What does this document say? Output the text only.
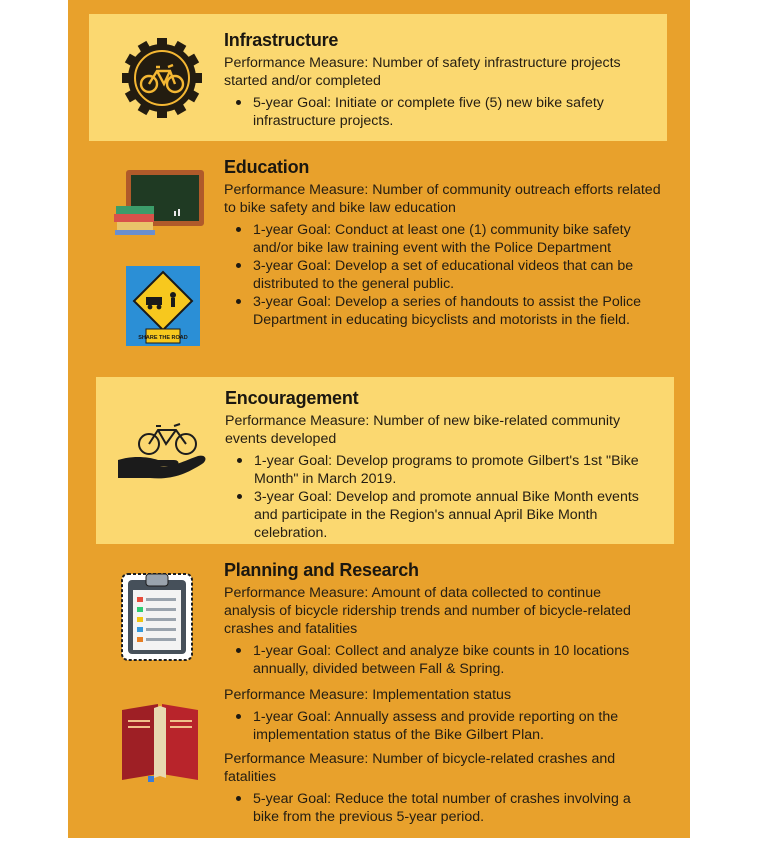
SHARE THE ROAD
Infrastructure

Performance Measure: Number of safety infrastructure projects started and/or completed

5-year Goal: Initiate or complete five (5) new bike safety infrastructure projects.
Education

Performance Measure: Number of community outreach efforts related to bike safety and bike law education

1-year Goal: Conduct at least one (1) community bike safety and/or bike law training event with the Police Department
3-year Goal: Develop a set of educational videos that can be distributed to the general public.
3-year Goal: Develop a series of handouts to assist the Police Department in educating bicyclists and motorists in the field.
Encouragement

Performance Measure: Number of new bike-related community events developed

1-year Goal: Develop programs to promote Gilbert's 1st "Bike Month" in March 2019.
3-year Goal: Develop and promote annual Bike Month events and participate in the Region's annual April Bike Month celebration.
Planning and Research

Performance Measure: Amount of data collected to continue analysis of bicycle ridership trends and number of bicycle-related crashes and fatalities

1-year Goal: Collect and analyze bike counts in 10 locations annually, divided between Fall & Spring.

Performance Measure: Implementation status

1-year Goal: Annually assess and provide reporting on the implementation status of the Bike Gilbert Plan.

Performance Measure: Number of bicycle-related crashes and fatalities

5-year Goal: Reduce the total number of crashes involving a bike from the previous 5-year period.
